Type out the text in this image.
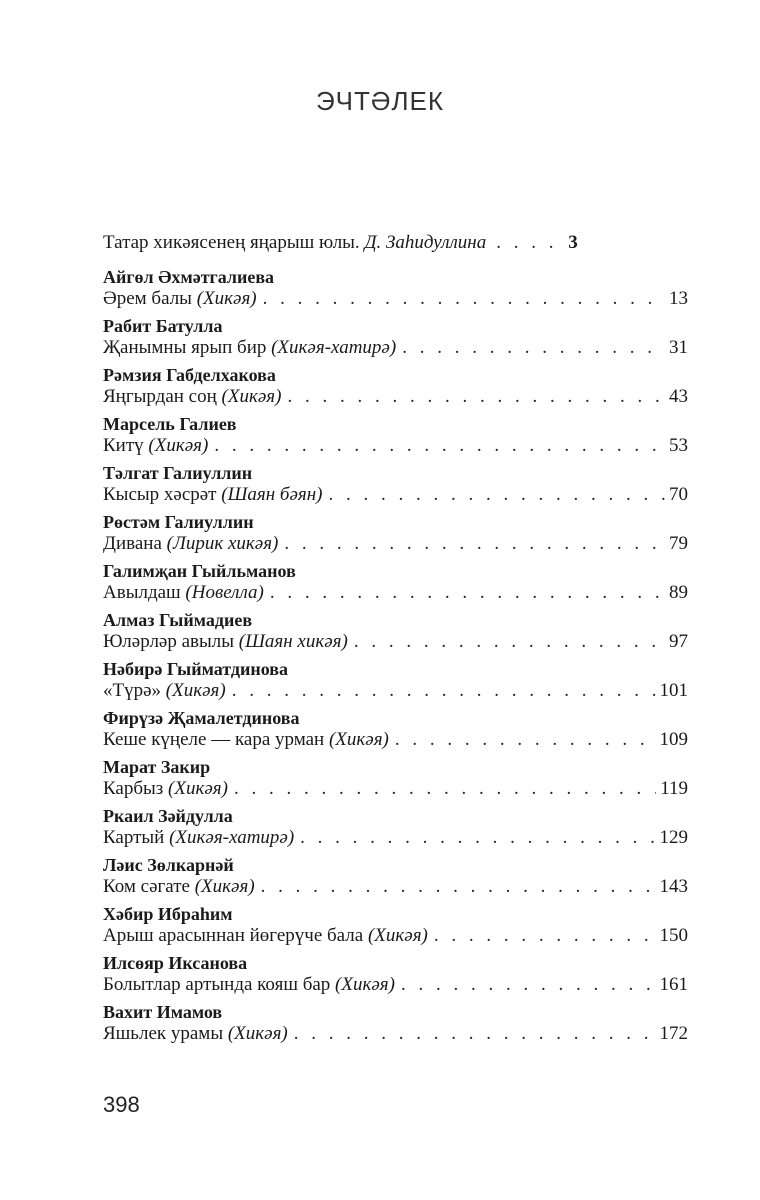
ЭЧТӘЛЕК
Татар хикәясенең яңарыш юлы. Д. Заһидуллина . . .	3
Айгөл Әхмәтгалиева
Әрем балы (Хикәя) . . .	13
Рабит Батулла
Җанымны ярып бир (Хикәя-хатирә) . . .	31
Рәмзия Габделхакова
Яңгырдан соң (Хикәя) . . .	43
Марсель Галиев
Китү (Хикәя) . . .	53
Тәлгат Галиуллин
Кысыр хәсрәт (Шаян бәян) . . .	70
Рөстәм Галиуллин
Дивана (Лирик хикәя) . . .	79
Галимҗан Гыйльманов
Авылдаш (Новелла) . . .	89
Алмаз Гыймадиев
Юләрләр авылы (Шаян хикәя) . . .	97
Нәбирә Гыйматдинова
«Түрә» (Хикәя) . . .	101
Фирүзә Җамалетдинова
Кеше күңеле — кара урман (Хикәя) . . .	109
Марат Закир
Карбыз (Хикәя) . . .	119
Ркаил Зәйдулла
Картый (Хикәя-хатирә) . . .	129
Ләис Зөлкарнәй
Ком сәгате (Хикәя) . . .	143
Хәбир Ибраһим
Арыш арасыннан йөгерүче бала (Хикәя) . . .	150
Илсөяр Иксанова
Болытлар артында кояш бар (Хикәя) . . .	161
Вахит Имамов
Яшьлек урамы (Хикәя) . . .	172
398
